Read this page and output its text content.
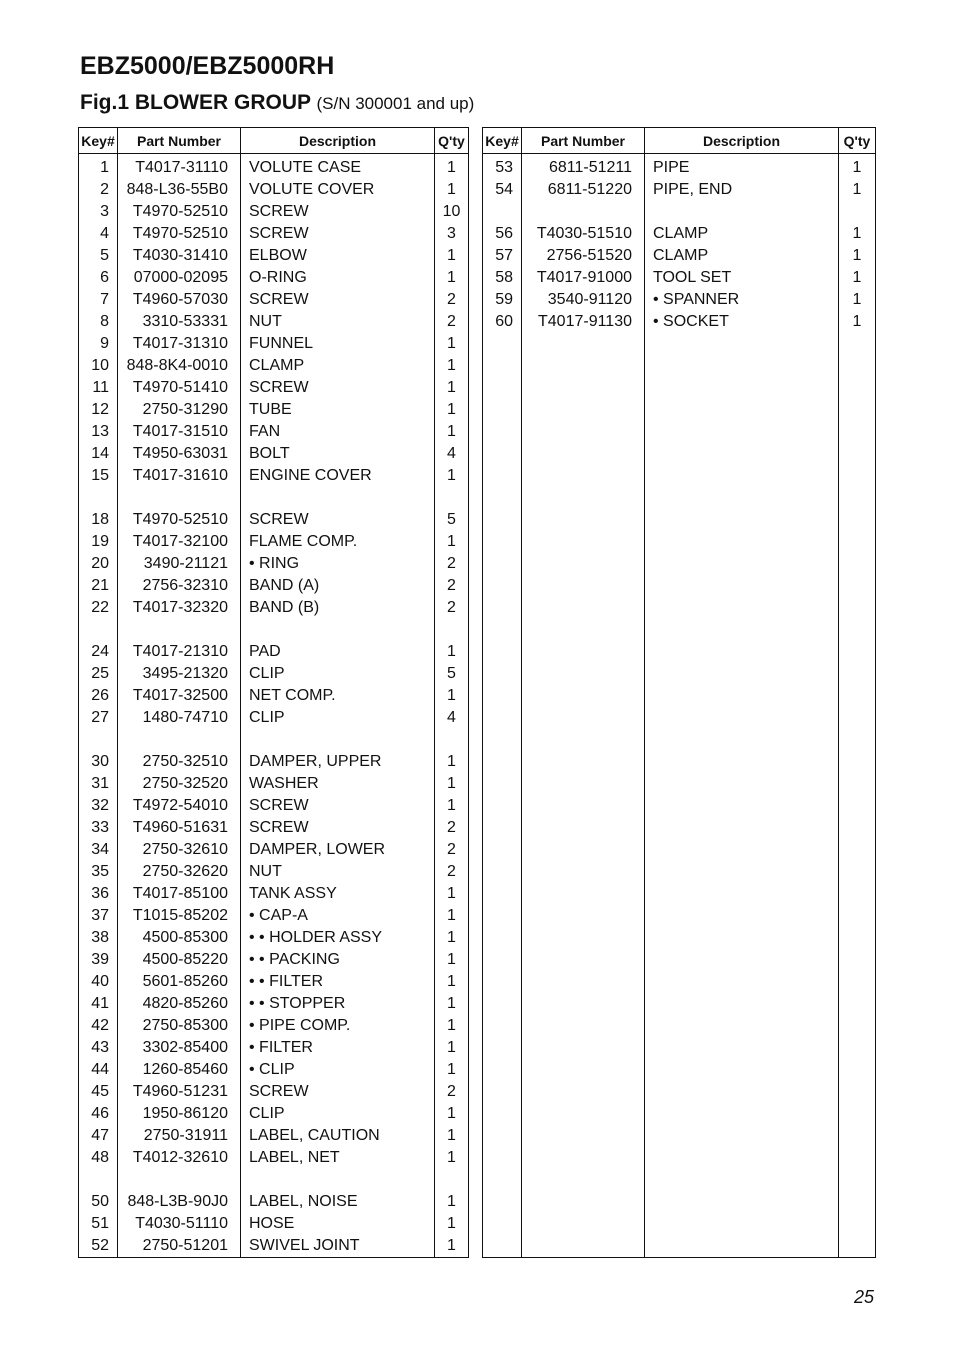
EBZ5000/EBZ5000RH
Fig.1 BLOWER GROUP (S/N 300001 and up)
Key#	Part Number	Description	Q'ty
1	T4017-31110	VOLUTE CASE	1
2	848-L36-55B0	VOLUTE COVER	1
3	T4970-52510	SCREW	10
4	T4970-52510	SCREW	3
5	T4030-31410	ELBOW	1
6	07000-02095	O-RING	1
7	T4960-57030	SCREW	2
8	3310-53331	NUT	2
9	T4017-31310	FUNNEL	1
10	848-8K4-0010	CLAMP	1
11	T4970-51410	SCREW	1
12	2750-31290	TUBE	1
13	T4017-31510	FAN	1
14	T4950-63031	BOLT	4
15	T4017-31610	ENGINE COVER	1

18	T4970-52510	SCREW	5
19	T4017-32100	FLAME COMP.	1
20	3490-21121	• RING	2
21	2756-32310	BAND (A)	2
22	T4017-32320	BAND (B)	2

24	T4017-21310	PAD	1
25	3495-21320	CLIP	5
26	T4017-32500	NET COMP.	1
27	1480-74710	CLIP	4

30	2750-32510	DAMPER, UPPER	1
31	2750-32520	WASHER	1
32	T4972-54010	SCREW	1
33	T4960-51631	SCREW	2
34	2750-32610	DAMPER, LOWER	2
35	2750-32620	NUT	2
36	T4017-85100	TANK ASSY	1
37	T1015-85202	• CAP-A	1
38	4500-85300	• • HOLDER ASSY	1
39	4500-85220	• • PACKING	1
40	5601-85260	• • FILTER	1
41	4820-85260	• • STOPPER	1
42	2750-85300	• PIPE COMP.	1
43	3302-85400	• FILTER	1
44	1260-85460	• CLIP	1
45	T4960-51231	SCREW	2
46	1950-86120	CLIP	1
47	2750-31911	LABEL, CAUTION	1
48	T4012-32610	LABEL, NET	1

50	848-L3B-90J0	LABEL, NOISE	1
51	T4030-51110	HOSE	1
52	2750-51201	SWIVEL JOINT	1
Key#	Part Number	Description	Q'ty
53	6811-51211	PIPE	1
54	6811-51220	PIPE, END	1

56	T4030-51510	CLAMP	1
57	2756-51520	CLAMP	1
58	T4017-91000	TOOL SET	1
59	3540-91120	• SPANNER	1
60	T4017-91130	• SOCKET	1

25
